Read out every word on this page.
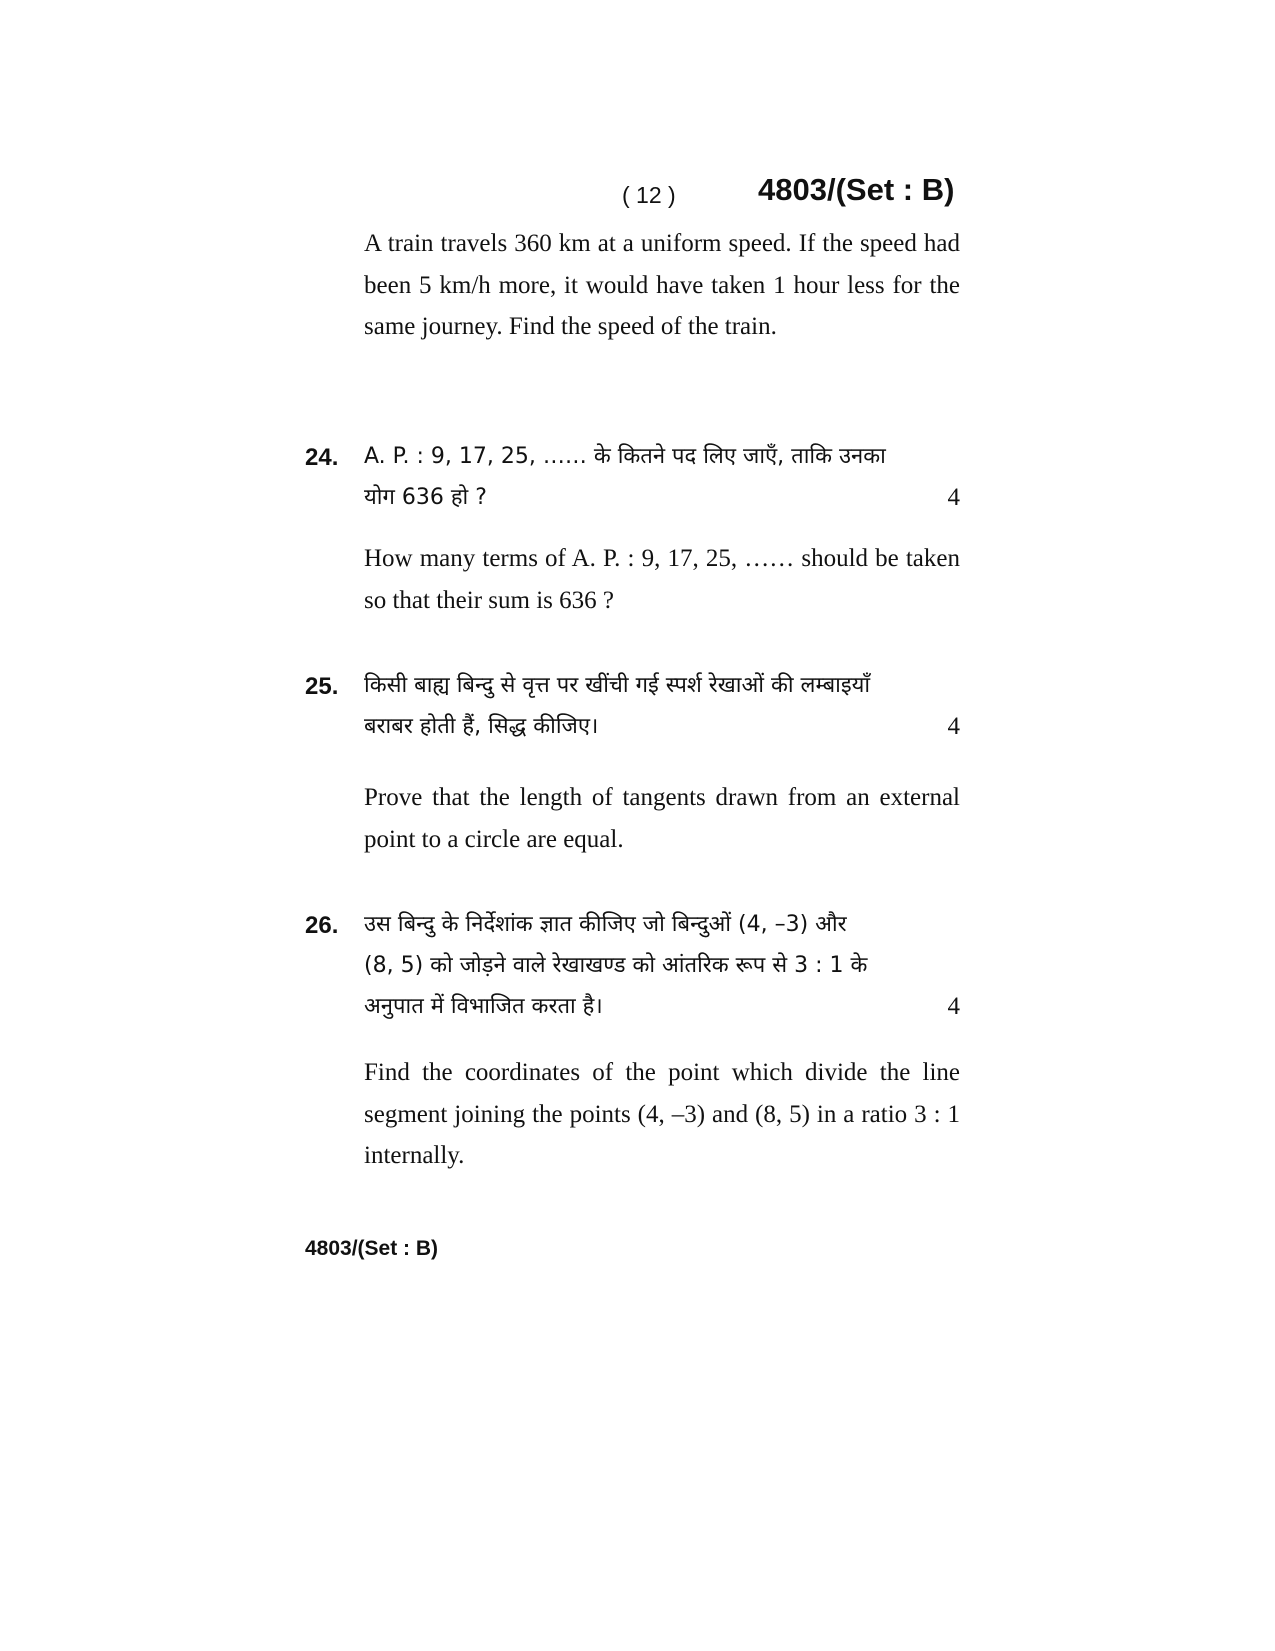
( 12 )	4803/(Set : B)

A train travels 360 km at a uniform speed. If the speed had been 5 km/h more, it would have taken 1 hour less for the same journey. Find the speed of the train.

24. A. P. : 9, 17, 25, …… के कितने पद लिए जाएँ, ताकि उनका
योग 636 हो ?	4

How many terms of A. P. : 9, 17, 25, …… should be taken so that their sum is 636 ?

25. किसी बाह्य बिन्दु से वृत्त पर खींची गई स्पर्श रेखाओं की लम्बाइयाँ
बराबर होती हैं, सिद्ध कीजिए।	4

Prove that the length of tangents drawn from an external point to a circle are equal.

26. उस बिन्दु के निर्देशांक ज्ञात कीजिए जो बिन्दुओं (4, –3) और
(8, 5) को जोड़ने वाले रेखाखण्ड को आंतरिक रूप से 3 : 1 के
अनुपात में विभाजित करता है।	4

Find the coordinates of the point which divide the line segment joining the points (4, –3) and (8, 5) in a ratio 3 : 1 internally.

4803/(Set : B)
